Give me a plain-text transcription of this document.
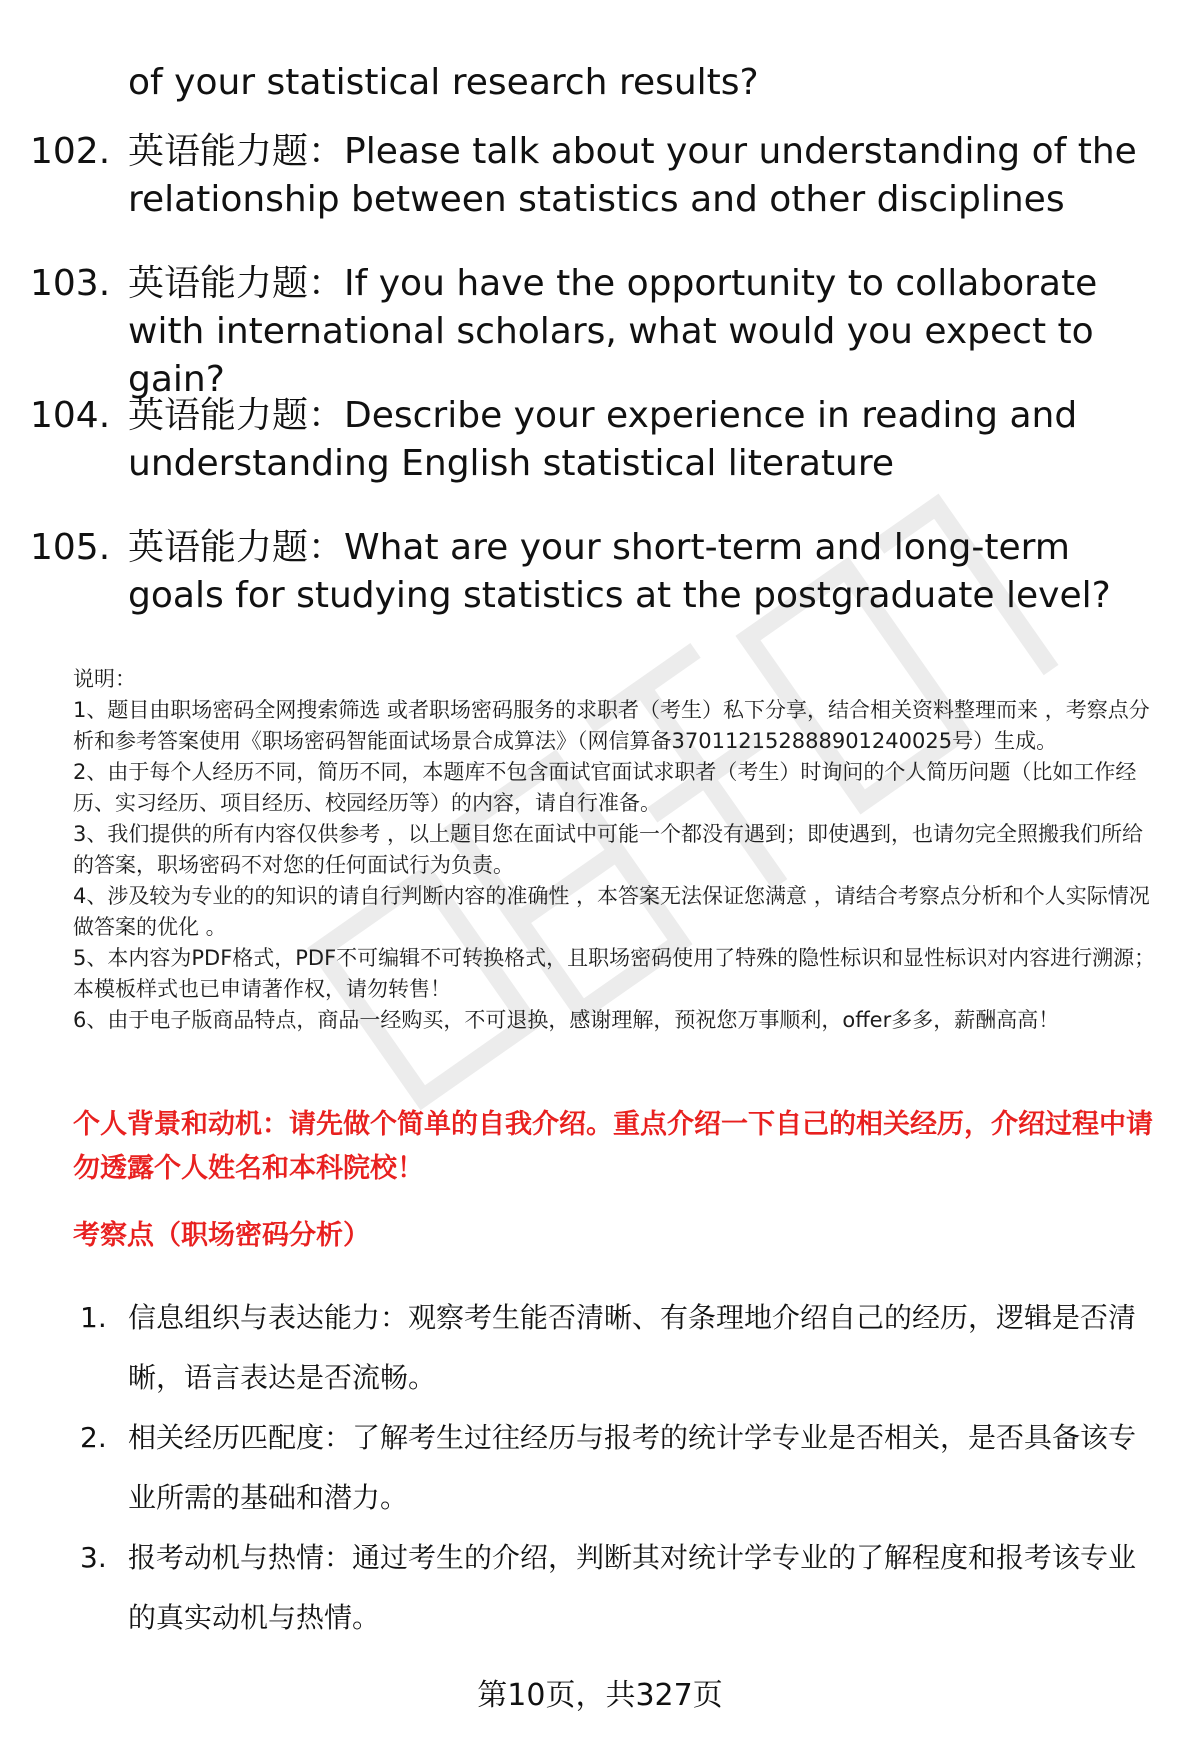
of your statistical research results?

102. 英语能力题：Please talk about your understanding of the relationship between statistics and other disciplines
103. 英语能力题：If you have the opportunity to collaborate with international scholars, what would you expect to gain?
104. 英语能力题：Describe your experience in reading and understanding English statistical literature
105. 英语能力题：What are your short-term and long-term goals for studying statistics at the postgraduate level?

说明：

1、题目由职场密码全网搜索筛选 或者职场密码服务的求职者（考生）私下分享，结合相关资料整理而来 ，考察点分析和参考答案使用《职场密码智能面试场景合成算法》（网信算备370112152888901240025号）生成。

2、由于每个人经历不同，简历不同，本题库不包含面试官面试求职者（考生）时询问的个人简历问题（比如工作经历、实习经历、项目经历、校园经历等）的内容，请自行准备。

3、我们提供的所有内容仅供参考 ，以上题目您在面试中可能一个都没有遇到；即使遇到，也请勿完全照搬我们所给的答案，职场密码不对您的任何面试行为负责。

4、涉及较为专业的的知识的请自行判断内容的准确性 ，本答案无法保证您满意 ，请结合考察点分析和个人实际情况做答案的优化 。

5、本内容为PDF格式，PDF不可编辑不可转换格式，且职场密码使用了特殊的隐性标识和显性标识对内容进行溯源；本模板样式也已申请著作权，请勿转售！

6、由于电子版商品特点，商品一经购买，不可退换，感谢理解，预祝您万事顺利，offer多多，薪酬高高！

个人背景和动机：请先做个简单的自我介绍。重点介绍一下自己的相关经历，介绍过程中请勿透露个人姓名和本科院校！

考察点（职场密码分析）

1. 信息组织与表达能力：观察考生能否清晰、有条理地介绍自己的经历，逻辑是否清晰，语言表达是否流畅。
2. 相关经历匹配度：了解考生过往经历与报考的统计学专业是否相关，是否具备该专业所需的基础和潜力。
3. 报考动机与热情：通过考生的介绍，判断其对统计学专业的了解程度和报考该专业的真实动机与热情。
第10页，共327页
